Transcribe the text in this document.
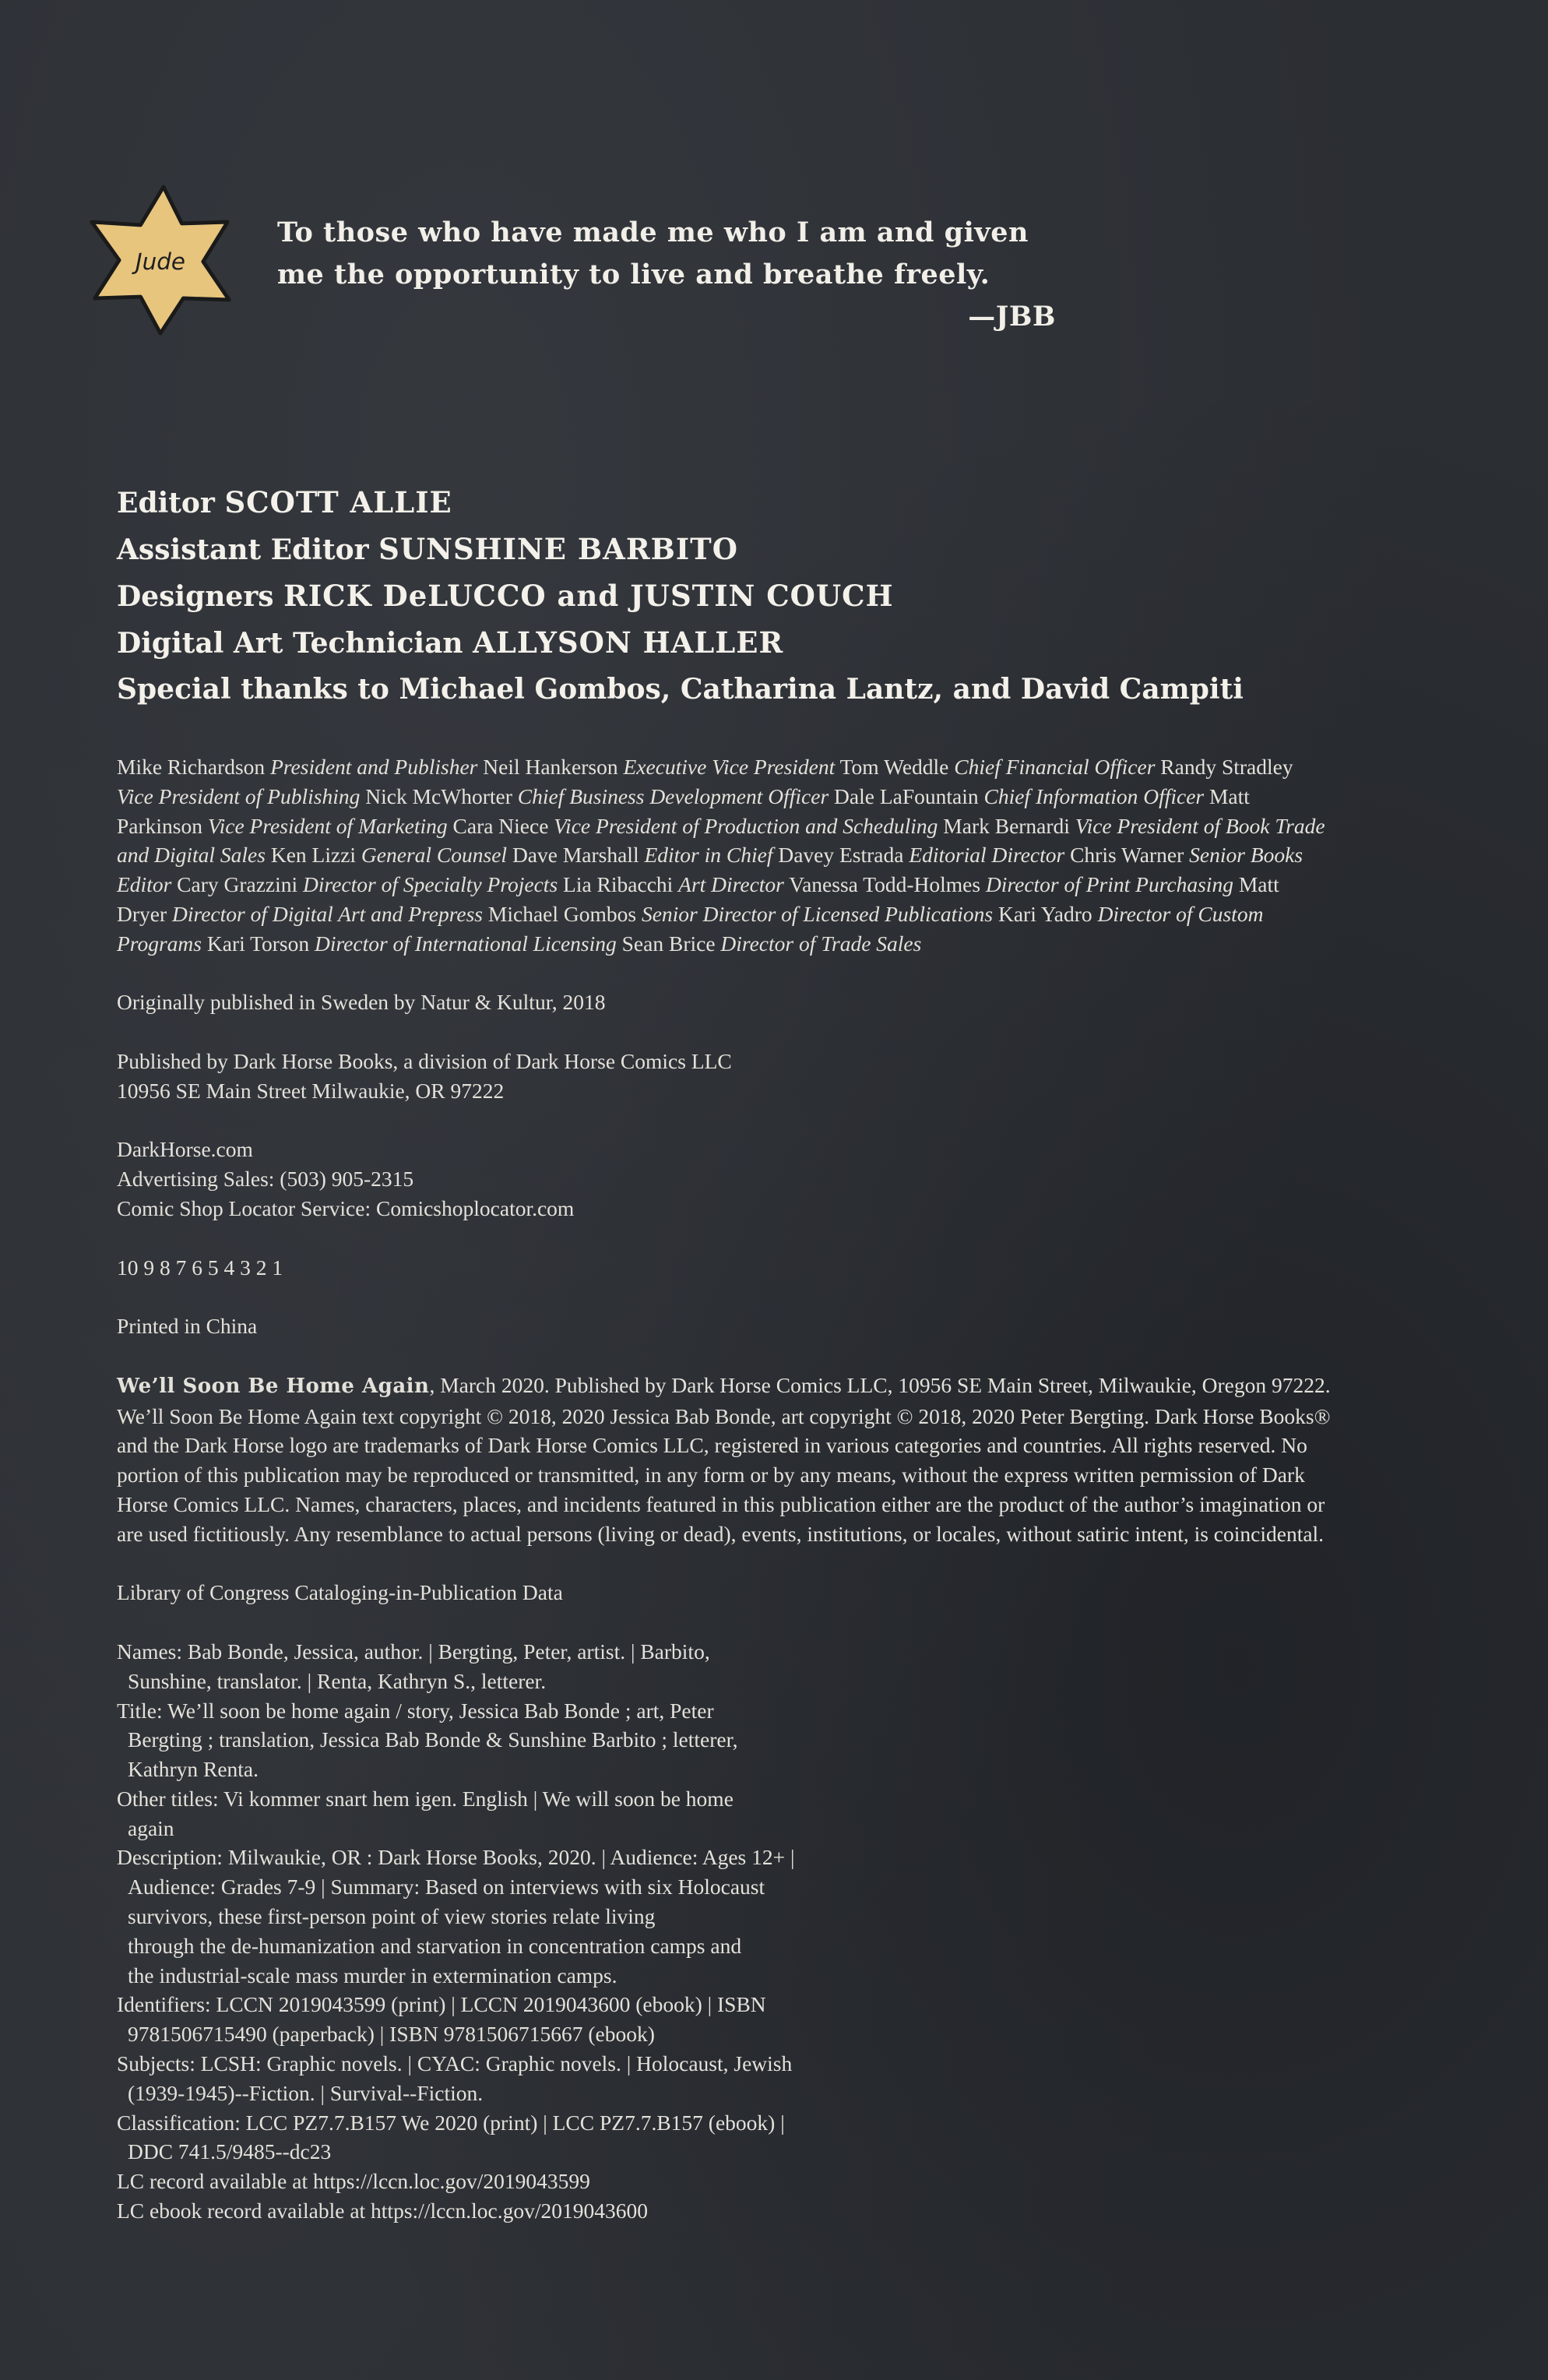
Jude
To those who have made me who I am and given
me the opportunity to live and breathe freely.
—JBB
Editor SCOTT ALLIE
Assistant Editor SUNSHINE BARBITO
Designers RICK DeLUCCO and JUSTIN COUCH
Digital Art Technician ALLYSON HALLER
Special thanks to Michael Gombos, Catharina Lantz, and David Campiti

Mike Richardson President and Publisher Neil Hankerson Executive Vice President Tom Weddle Chief Financial Officer Randy Stradley Vice President of Publishing Nick McWhorter Chief Business Development Officer Dale LaFountain Chief Information Officer Matt Parkinson Vice President of Marketing Cara Niece Vice President of Production and Scheduling Mark Bernardi Vice President of Book Trade and Digital Sales Ken Lizzi General Counsel Dave Marshall Editor in Chief Davey Estrada Editorial Director Chris Warner Senior Books Editor Cary Grazzini Director of Specialty Projects Lia Ribacchi Art Director Vanessa Todd-Holmes Director of Print Purchasing Matt Dryer Director of Digital Art and Prepress Michael Gombos Senior Director of Licensed Publications Kari Yadro Director of Custom Programs Kari Torson Director of International Licensing Sean Brice Director of Trade Sales

Originally published in Sweden by Natur & Kultur, 2018

Published by Dark Horse Books, a division of Dark Horse Comics LLC
10956 SE Main Street Milwaukie, OR 97222

DarkHorse.com
Advertising Sales: (503) 905-2315
Comic Shop Locator Service: Comicshoplocator.com

10 9 8 7 6 5 4 3 2 1

Printed in China

We’ll Soon Be Home Again, March 2020. Published by Dark Horse Comics LLC, 10956 SE Main Street, Milwaukie, Oregon 97222. We’ll Soon Be Home Again text copyright © 2018, 2020 Jessica Bab Bonde, art copyright © 2018, 2020 Peter Bergting. Dark Horse Books® and the Dark Horse logo are trademarks of Dark Horse Comics LLC, registered in various categories and countries. All rights reserved. No portion of this publication may be reproduced or transmitted, in any form or by any means, without the express written permission of Dark Horse Comics LLC. Names, characters, places, and incidents featured in this publication either are the product of the author’s imagination or are used fictitiously. Any resemblance to actual persons (living or dead), events, institutions, or locales, without satiric intent, is coincidental.

Library of Congress Cataloging-in-Publication Data

Names: Bab Bonde, Jessica, author. | Bergting, Peter, artist. | Barbito,
Sunshine, translator. | Renta, Kathryn S., letterer.
Title: We’ll soon be home again / story, Jessica Bab Bonde ; art, Peter
Bergting ; translation, Jessica Bab Bonde & Sunshine Barbito ; letterer,
Kathryn Renta.
Other titles: Vi kommer snart hem igen. English | We will soon be home
again
Description: Milwaukie, OR : Dark Horse Books, 2020. | Audience: Ages 12+ |
Audience: Grades 7-9 | Summary: Based on interviews with six Holocaust
survivors, these first-person point of view stories relate living
through the de-humanization and starvation in concentration camps and
the industrial-scale mass murder in extermination camps.
Identifiers: LCCN 2019043599 (print) | LCCN 2019043600 (ebook) | ISBN
9781506715490 (paperback) | ISBN 9781506715667 (ebook)
Subjects: LCSH: Graphic novels. | CYAC: Graphic novels. | Holocaust, Jewish
(1939-1945)--Fiction. | Survival--Fiction.
Classification: LCC PZ7.7.B157 We 2020 (print) | LCC PZ7.7.B157 (ebook) |
DDC 741.5/9485--dc23
LC record available at https://lccn.loc.gov/2019043599
LC ebook record available at https://lccn.loc.gov/2019043600
